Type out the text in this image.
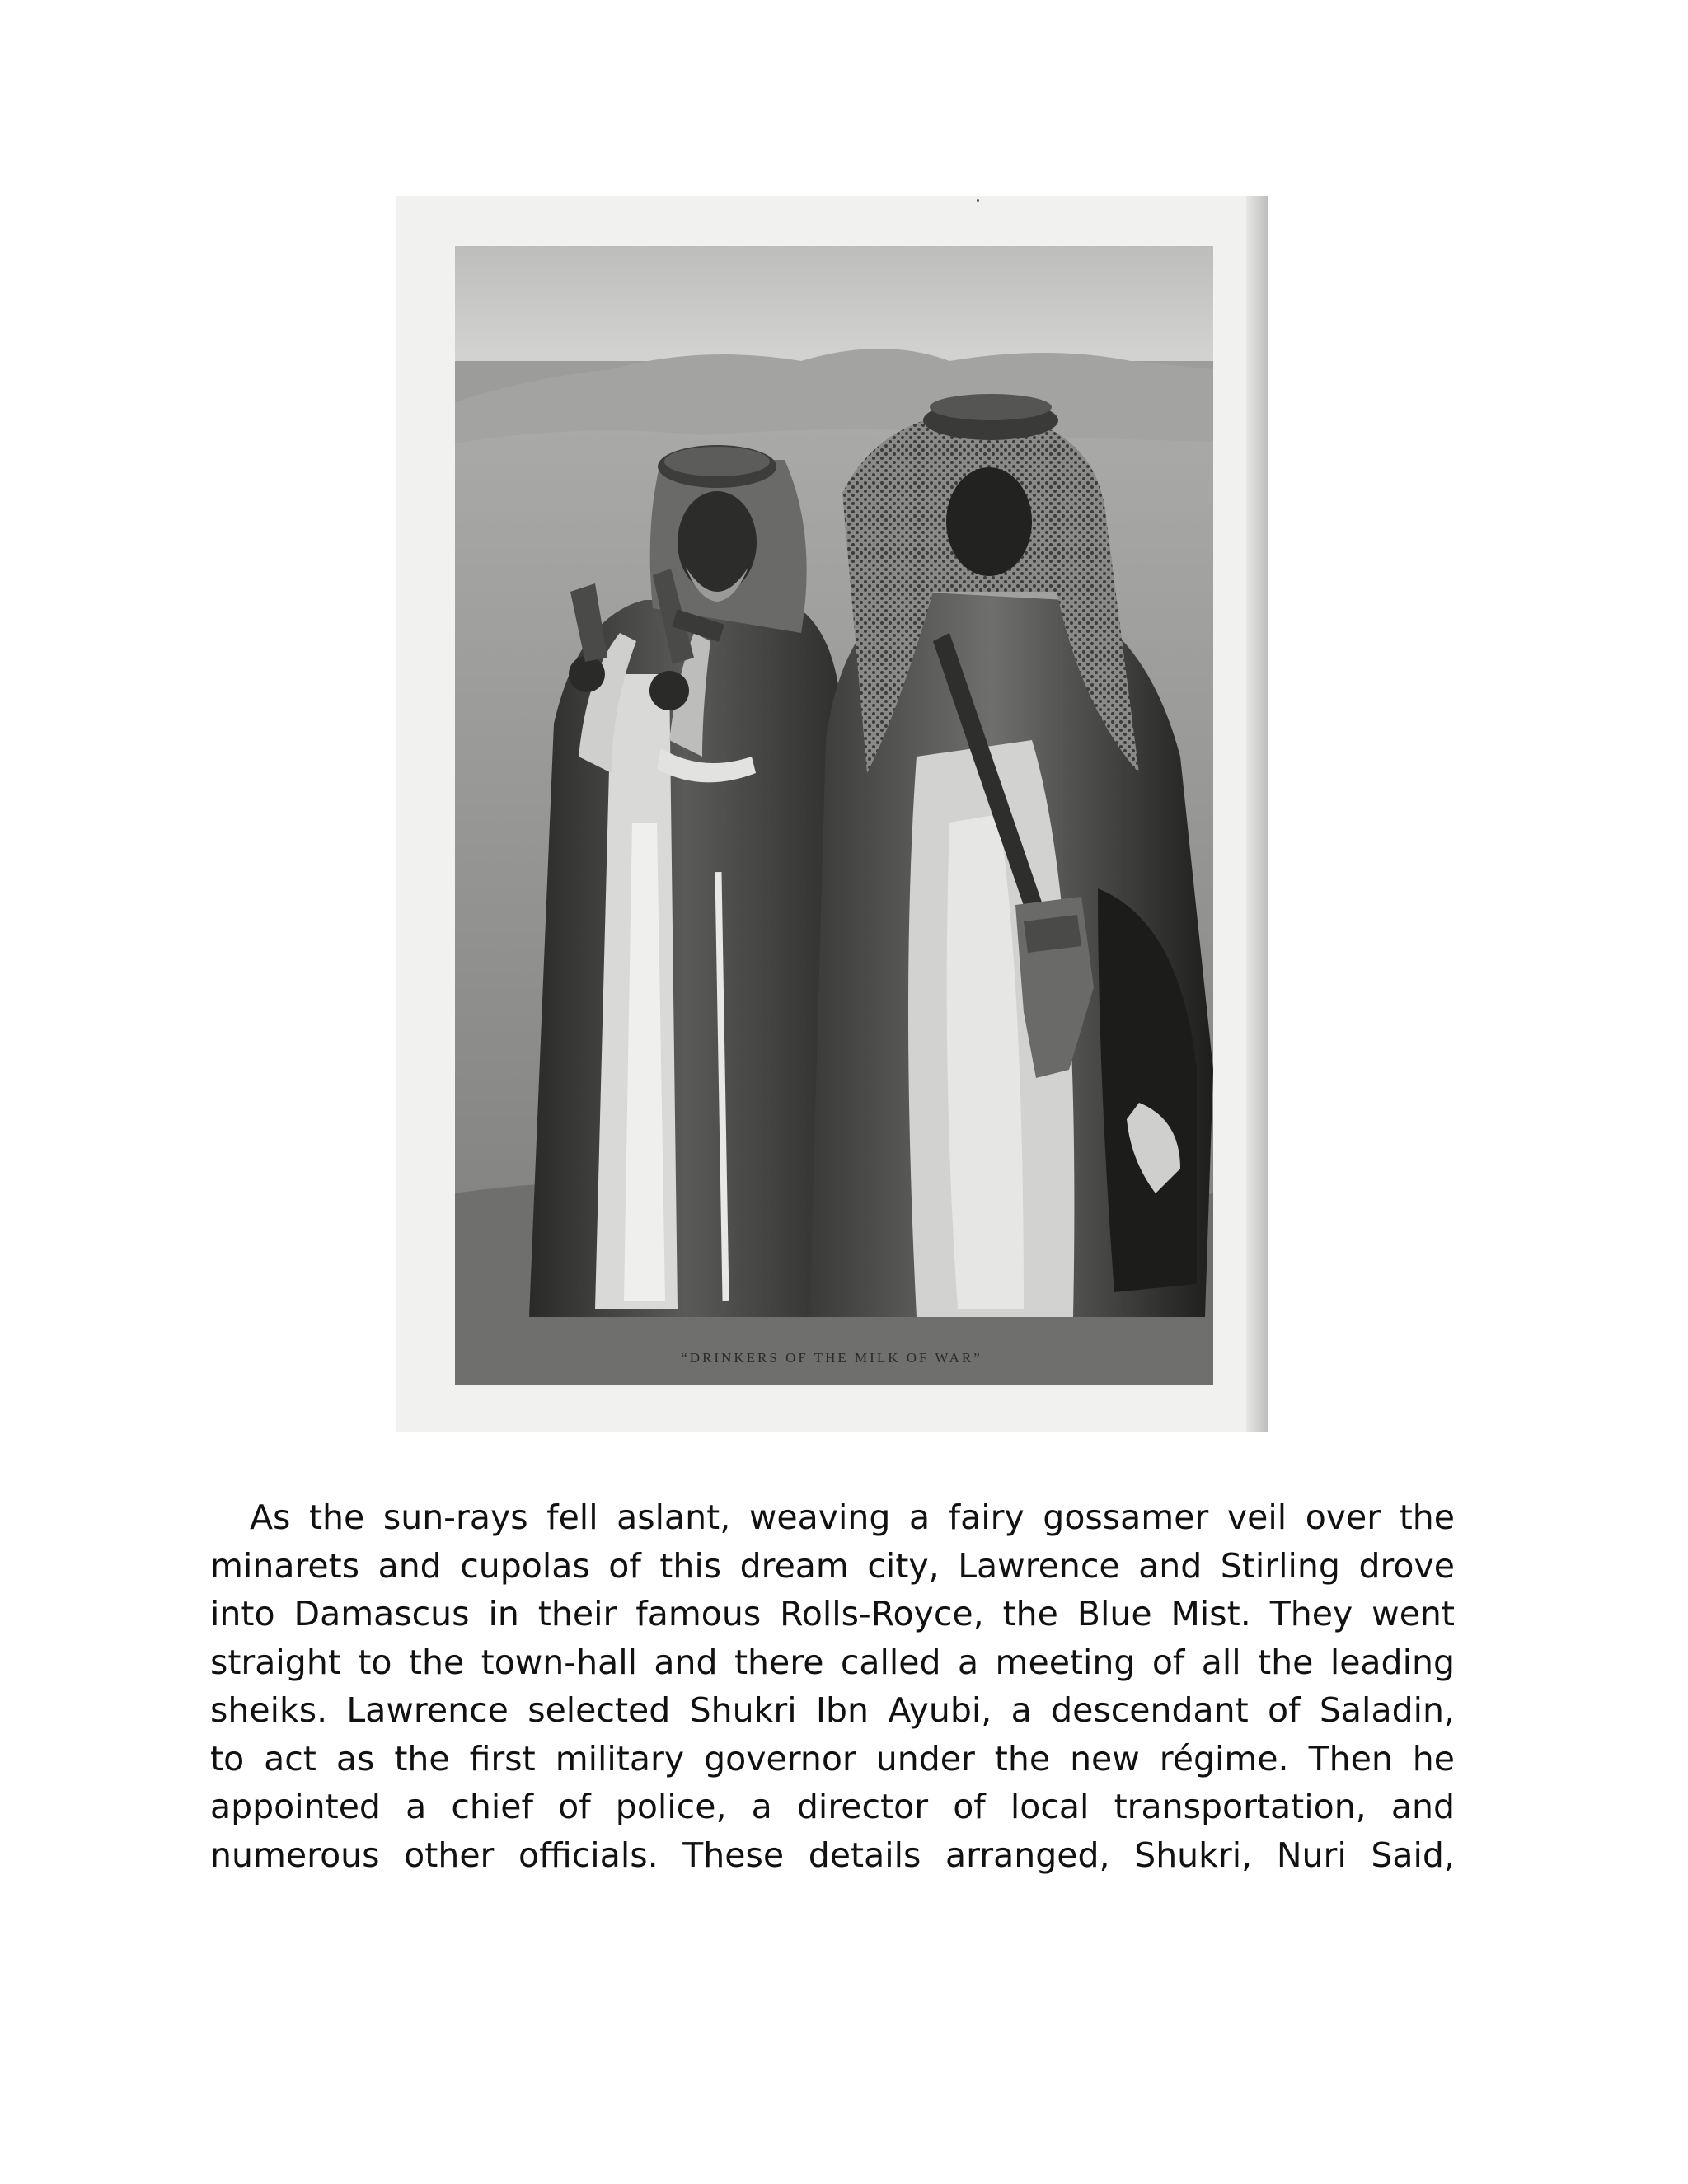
“DRINKERS OF THE MILK OF WAR”
As the sun-rays fell aslant, weaving a fairy gossamer veil over the
minarets and cupolas of this dream city, Lawrence and Stirling drove
into Damascus in their famous Rolls-Royce, the Blue Mist. They went
straight to the town-hall and there called a meeting of all the leading
sheiks. Lawrence selected Shukri Ibn Ayubi, a descendant of Saladin,
to act as the first military governor under the new régime. Then he
appointed a chief of police, a director of local transportation, and
numerous other officials. These details arranged, Shukri, Nuri Said,
